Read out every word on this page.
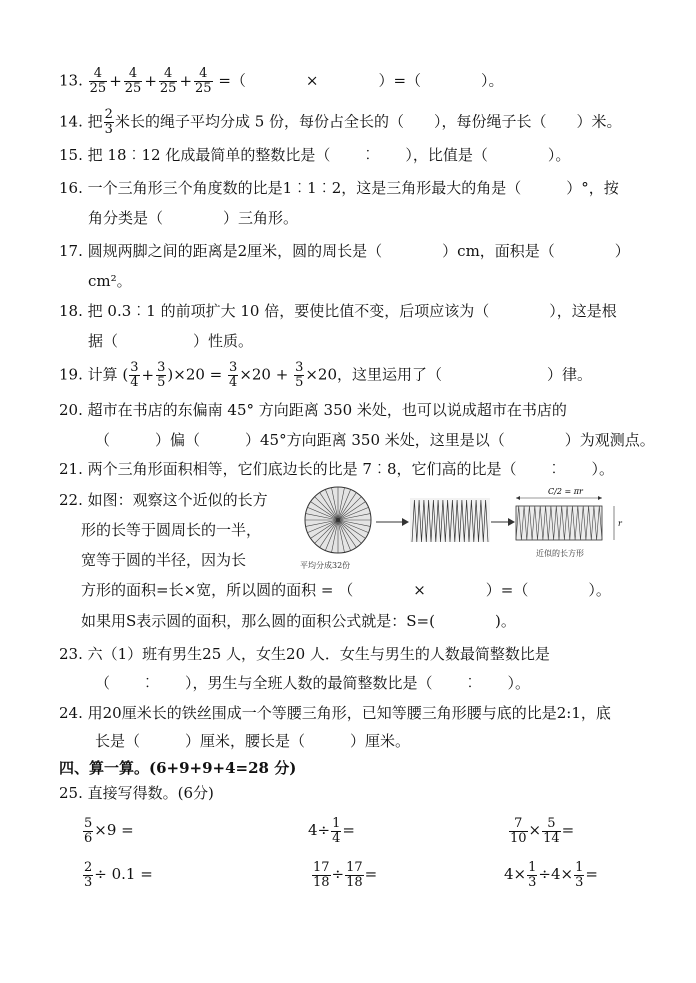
13. $\frac{4}{25} + \frac{4}{25} + \frac{4}{25} + \frac{4}{25}$ =（　　　　×　　　　）=（　　　　）。
14. 把 $\frac{2}{3}$ 米长的绳子平均分成 5 份，每份占全长的（　　），每份绳子长（　　）米。
15. 把 18︰12 化成最简单的整数比是（　　︰　　），比值是（　　　　）。
16. 一个三角形三个角度数的比是1︰1︰2，这是三角形最大的角是（　　　）°，按
角分类是（　　　　）三角形。
17. 圆规两脚之间的距离是2厘米，圆的周长是（　　　　）cm，面积是（　　　　）
cm²。
18. 把 0.3︰1 的前项扩大 10 倍，要使比值不变，后项应该为（　　　　），这是根
据（　　　　　）性质。
19. 计算 ( $\frac{3}{4} + \frac{3}{5} )\times 20 = \frac{3}{4} \times 20 + \frac{3}{5} \times 20$，这里运用了（　　　　　　　）律。
20. 超市在书店的东偏南 45° 方向距离 350 米处，也可以说成超市在书店的
（　　　）偏（　　　）45°方向距离 350 米处，这里是以（　　　　）为观测点。
21. 两个三角形面积相等，它们底边长的比是 7︰8，它们高的比是（　　︰　　）。
22. 如图：观察这个近似的长方
形的长等于圆周长的一半，
宽等于圆的半径，因为长
方形的面积=长×宽，所以圆的面积 = （　　　　×　　　　）=（　　　　）。
如果用S表示圆的面积，那么圆的面积公式就是：S=(　　　　)。
C/2 = πr
r
平均分成32份
近似的长方形
23. 六（1）班有男生25 人，女生20 人．女生与男生的人数最简整数比是
（　　︰　　），男生与全班人数的最简整数比是（　　︰　　）。
24. 用20厘米长的铁丝围成一个等腰三角形，已知等腰三角形腰与底的比是2:1，底
长是（　　　）厘米，腰长是（　　　）厘米。
四、算一算。(6+9+9+4=28 分)
25. 直接写得数。(6分)
$\frac{5}{6} \times 9$ =	$4\div \frac{1}{4}$ =	$\frac{7}{10} \times \frac{5}{14}$ =
$\frac{2}{3} \div 0.1$ =	$\frac{17}{18} \div \frac{17}{18}$ =	$4\times \frac{1}{3} \div 4\times \frac{1}{3}$ =
